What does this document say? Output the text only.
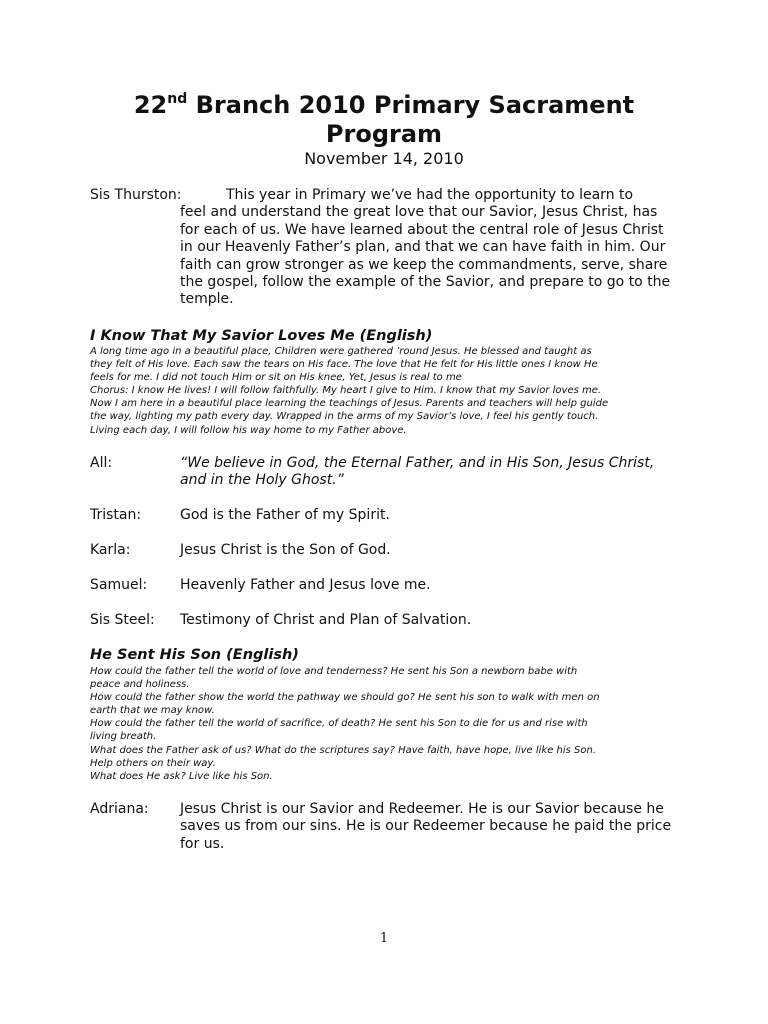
22nd Branch 2010 Primary Sacrament
Program
November 14, 2010
Sis Thurston:	This year in Primary we’ve had the opportunity to learn to
feel and understand the great love that our Savior, Jesus Christ, has for each of us. We have learned about the central role of Jesus Christ in our Heavenly Father’s plan, and that we can have faith in him. Our faith can grow stronger as we keep the commandments, serve, share the gospel, follow the example of the Savior, and prepare to go to the temple.
I Know That My Savior Loves Me (English)
A long time ago in a beautiful place, Children were gathered ’round Jesus. He blessed and taught as
they felt of His love. Each saw the tears on His face. The love that He felt for His little ones I know He
feels for me. I did not touch Him or sit on His knee, Yet, Jesus is real to me
Chorus: I know He lives! I will follow faithfully. My heart I give to Him. I know that my Savior loves me.
Now I am here in a beautiful place learning the teachings of Jesus. Parents and teachers will help guide
the way, lighting my path every day. Wrapped in the arms of my Savior’s love, I feel his gently touch.
Living each day, I will follow his way home to my Father above.
All:	“We believe in God, the Eternal Father, and in His Son, Jesus Christ, and in the Holy Ghost.”
Tristan:	God is the Father of my Spirit.
Karla:	Jesus Christ is the Son of God.
Samuel: Heavenly Father and Jesus love me.
Sis Steel: Testimony of Christ and Plan of Salvation.
He Sent His Son (English)
How could the father tell the world of love and tenderness? He sent his Son a newborn babe with
peace and holiness.
How could the father show the world the pathway we should go? He sent his son to walk with men on
earth that we may know.
How could the father tell the world of sacrifice, of death? He sent his Son to die for us and rise with
living breath.
What does the Father ask of us? What do the scriptures say? Have faith, have hope, live like his Son.
Help others on their way.
What does He ask? Live like his Son.
Adriana: Jesus Christ is our Savior and Redeemer. He is our Savior because he saves us from our sins. He is our Redeemer because he paid the price for us.
1
